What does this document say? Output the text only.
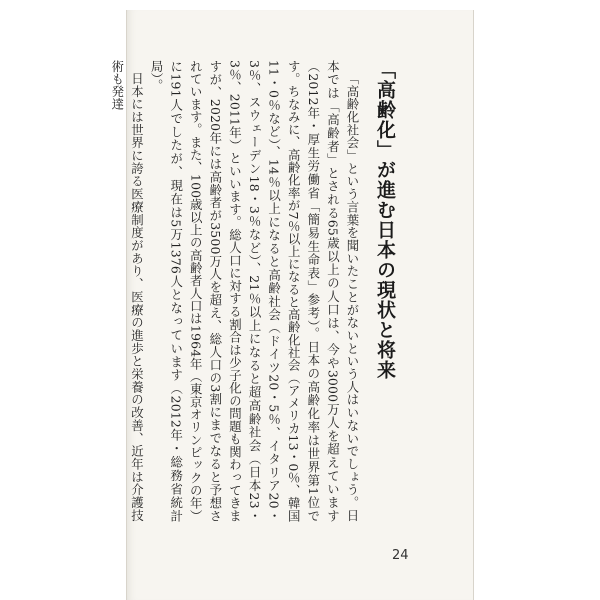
「高齢化」が進む日本の現状と将来

「高齢化社会」という言葉を聞いたことがないという人はいないでしょう。日本では「高齢者」とされる65歳以上の人口は、今や3000万人を超えています（2012年・厚生労働省「簡易生命表」参考）。日本の高齢化率は世界第1位です。ちなみに、高齢化率が7％以上になると高齢化社会（アメリカ13・0％、韓国11・0％など）、14％以上になると高齢社会（ドイツ20・5％、イタリア20・3％、スウェーデン18・3％など）、21％以上になると超高齢社会（日本23・3％、2011年）といいます。総人口に対する割合は少子化の問題も関わってきますが、2020年には高齢者が3500万人を超え、総人口の3割にまでなると予想されています。また、100歳以上の高齢者人口は1964年（東京オリンピックの年）に191人でしたが、現在は5万1376人となっています（2012年・総務省統計局）。

日本には世界に誇る医療制度があり、医療の進歩と栄養の改善、近年は介護技術も発達

24
